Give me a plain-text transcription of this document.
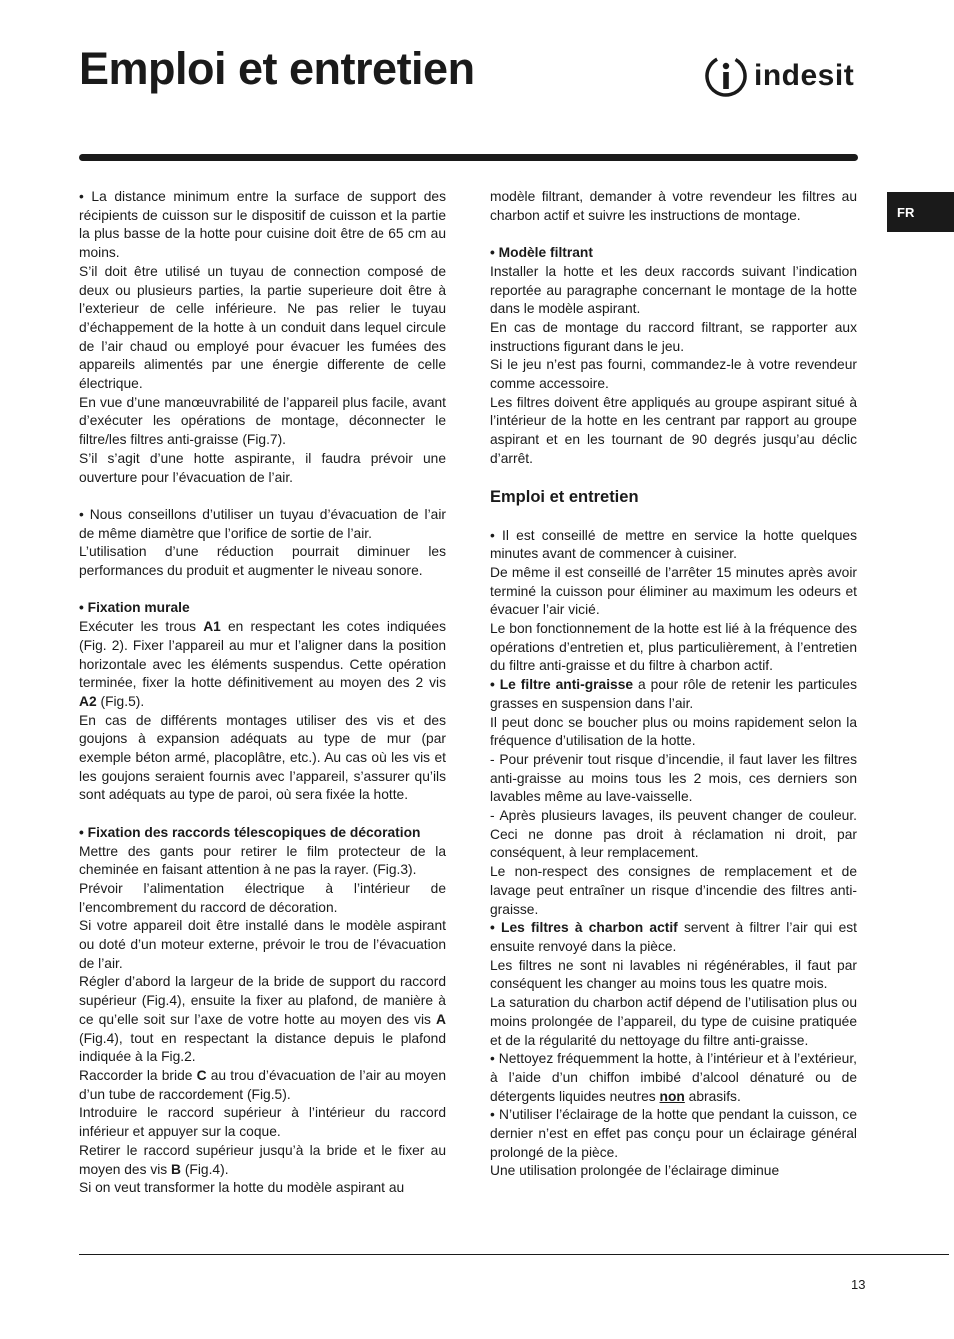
Emploi et entretien	indesit
FR

• La distance minimum entre la surface de support des récipients de cuisson sur le dispositif de cuisson et la partie la plus basse de la hotte pour cuisine doit être de 65 cm au moins.

S’il doit être utilisé un tuyau de connection composé de deux ou plusieurs parties, la partie superieure doit être à l’exterieur de celle inférieure. Ne pas relier le tuyau d’échappement de la hotte à un conduit dans lequel circule de l’air chaud ou employé pour évacuer les fumées des appareils alimentés par une énergie differente de celle électrique.

En vue d’une manœuvrabilité de l’appareil plus facile, avant d’exécuter les opérations de montage, déconnecter le filtre/les filtres anti-graisse (Fig.7).

S’il s’agit d’une hotte aspirante, il faudra prévoir une ouverture pour l’évacuation de l’air.

• Nous conseillons d’utiliser un tuyau d’évacuation de l’air de même diamètre que l’orifice de sortie de l’air.

L’utilisation d’une réduction pourrait diminuer les performances du produit et augmenter le niveau sonore.

• Fixation murale

Exécuter les trous A1 en respectant les cotes indiquées (Fig. 2). Fixer l’appareil au mur et l’aligner dans la position horizontale avec les éléments suspendus. Cette opération terminée, fixer la hotte définitivement au moyen des 2 vis A2 (Fig.5).

En cas de différents montages utiliser des vis et des goujons à expansion adéquats au type de mur (par exemple béton armé, placoplâtre, etc.). Au cas où les vis et les goujons seraient fournis avec l’appareil, s’assurer qu’ils sont adéquats au type de paroi, où sera fixée la hotte.

• Fixation des raccords télescopiques de décoration

Mettre des gants pour retirer le film protecteur de la cheminée en faisant attention à ne pas la rayer. (Fig.3).

Prévoir l’alimentation électrique à l’intérieur de l’encombrement du raccord de décoration.

Si votre appareil doit être installé dans le modèle aspirant ou doté d’un moteur externe, prévoir le trou de l’évacuation de l’air.

Régler d’abord la largeur de la bride de support du raccord supérieur (Fig.4), ensuite la fixer au plafond, de manière à ce qu’elle soit sur l’axe de votre hotte au moyen des vis A (Fig.4), tout en respectant la distance depuis le plafond indiquée à la Fig.2.

Raccorder la bride C au trou d’évacuation de l’air au moyen d’un tube de raccordement (Fig.5).

Introduire le raccord supérieur à l’intérieur du raccord inférieur et appuyer sur la coque.

Retirer le raccord supérieur jusqu’à la bride et le fixer au moyen des vis B (Fig.4).

Si on veut transformer la hotte du modèle aspirant au

modèle filtrant, demander à votre revendeur les filtres au charbon actif et suivre les instructions de montage.

• Modèle filtrant

Installer la hotte et les deux raccords suivant l’indication reportée au paragraphe concernant le montage de la hotte dans le modèle aspirant.

En cas de montage du raccord filtrant, se rapporter aux instructions figurant dans le jeu.

Si le jeu n’est pas fourni, commandez-le à votre revendeur comme accessoire.

Les filtres doivent être appliqués au groupe aspirant situé à l’intérieur de la hotte en les centrant par rapport au groupe aspirant et en les tournant de 90 degrés jusqu’au déclic d’arrêt.

Emploi et entretien

• Il est conseillé de mettre en service la hotte quelques minutes avant de commencer à cuisiner.

De même il est conseillé de l’arrêter 15 minutes après avoir terminé la cuisson pour éliminer au maximum les odeurs et évacuer l’air vicié.

Le bon fonctionnement de la hotte est lié à la fréquence des opérations d’entretien et, plus particulièrement, à l’entretien du filtre anti-graisse et du filtre à charbon actif.

• Le filtre anti-graisse a pour rôle de retenir les particules grasses en suspension dans l’air.

Il peut donc se boucher plus ou moins rapidement selon la fréquence d’utilisation de la hotte.

- Pour prévenir tout risque d’incendie, il faut laver les filtres anti-graisse au moins tous les 2 mois, ces derniers son lavables même au lave-vaisselle.

- Après plusieurs lavages, ils peuvent changer de couleur. Ceci ne donne pas droit à réclamation ni droit, par conséquent, à leur remplacement.

Le non-respect des consignes de remplacement et de lavage peut entraîner un risque d’incendie des filtres anti-graisse.

• Les filtres à charbon actif servent à filtrer l’air qui est ensuite renvoyé dans la pièce.

Les filtres ne sont ni lavables ni régénérables, il faut par conséquent les changer au moins tous les quatre mois.

La saturation du charbon actif dépend de l’utilisation plus ou moins prolongée de l’appareil, du type de cuisine pratiquée et de la régularité du nettoyage du filtre anti-graisse.

• Nettoyez fréquemment la hotte, à l’intérieur et à l’extérieur, à l’aide d’un chiffon imbibé d’alcool dénaturé ou de détergents liquides neutres non abrasifs.

• N’utiliser l’éclairage de la hotte que pendant la cuisson, ce dernier n’est en effet pas conçu pour un éclairage général prolongé de la pièce.

Une utilisation prolongée de l’éclairage diminue

13
